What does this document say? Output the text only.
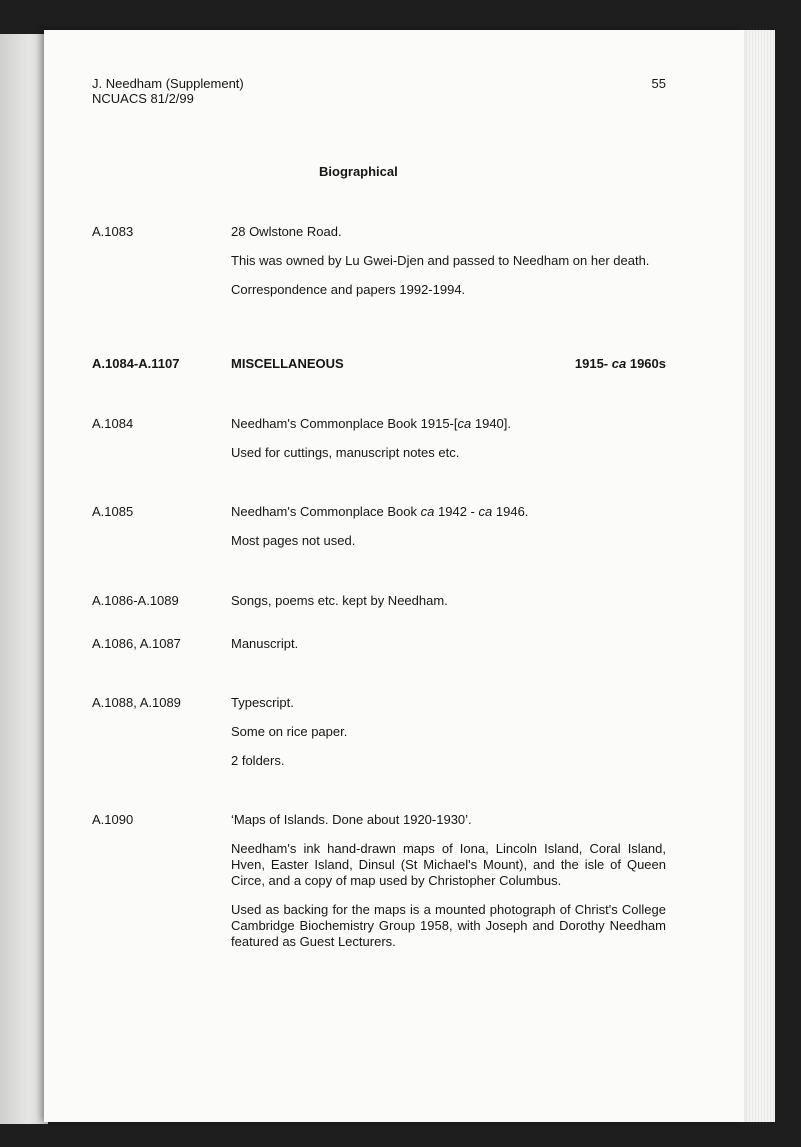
J. Needham (Supplement)
NCUACS 81/2/99
55
Biographical
A.1083	28 Owlstone Road.
This was owned by Lu Gwei-Djen and passed to Needham on her death.
Correspondence and papers 1992-1994.
A.1084-A.1107	MISCELLANEOUS	1915- ca 1960s
A.1084	Needham's Commonplace Book 1915-[ca 1940].
Used for cuttings, manuscript notes etc.
A.1085	Needham's Commonplace Book ca 1942 - ca 1946.
Most pages not used.
A.1086-A.1089	Songs, poems etc. kept by Needham.
A.1086, A.1087	Manuscript.
A.1088, A.1089	Typescript.
Some on rice paper.
2 folders.
A.1090	‘Maps of Islands. Done about 1920-1930’.
Needham's ink hand-drawn maps of Iona, Lincoln Island, Coral Island, Hven, Easter Island, Dinsul (St Michael's Mount), and the isle of Queen Circe, and a copy of map used by Christopher Columbus.
Used as backing for the maps is a mounted photograph of Christ's College Cambridge Biochemistry Group 1958, with Joseph and Dorothy Needham featured as Guest Lecturers.
